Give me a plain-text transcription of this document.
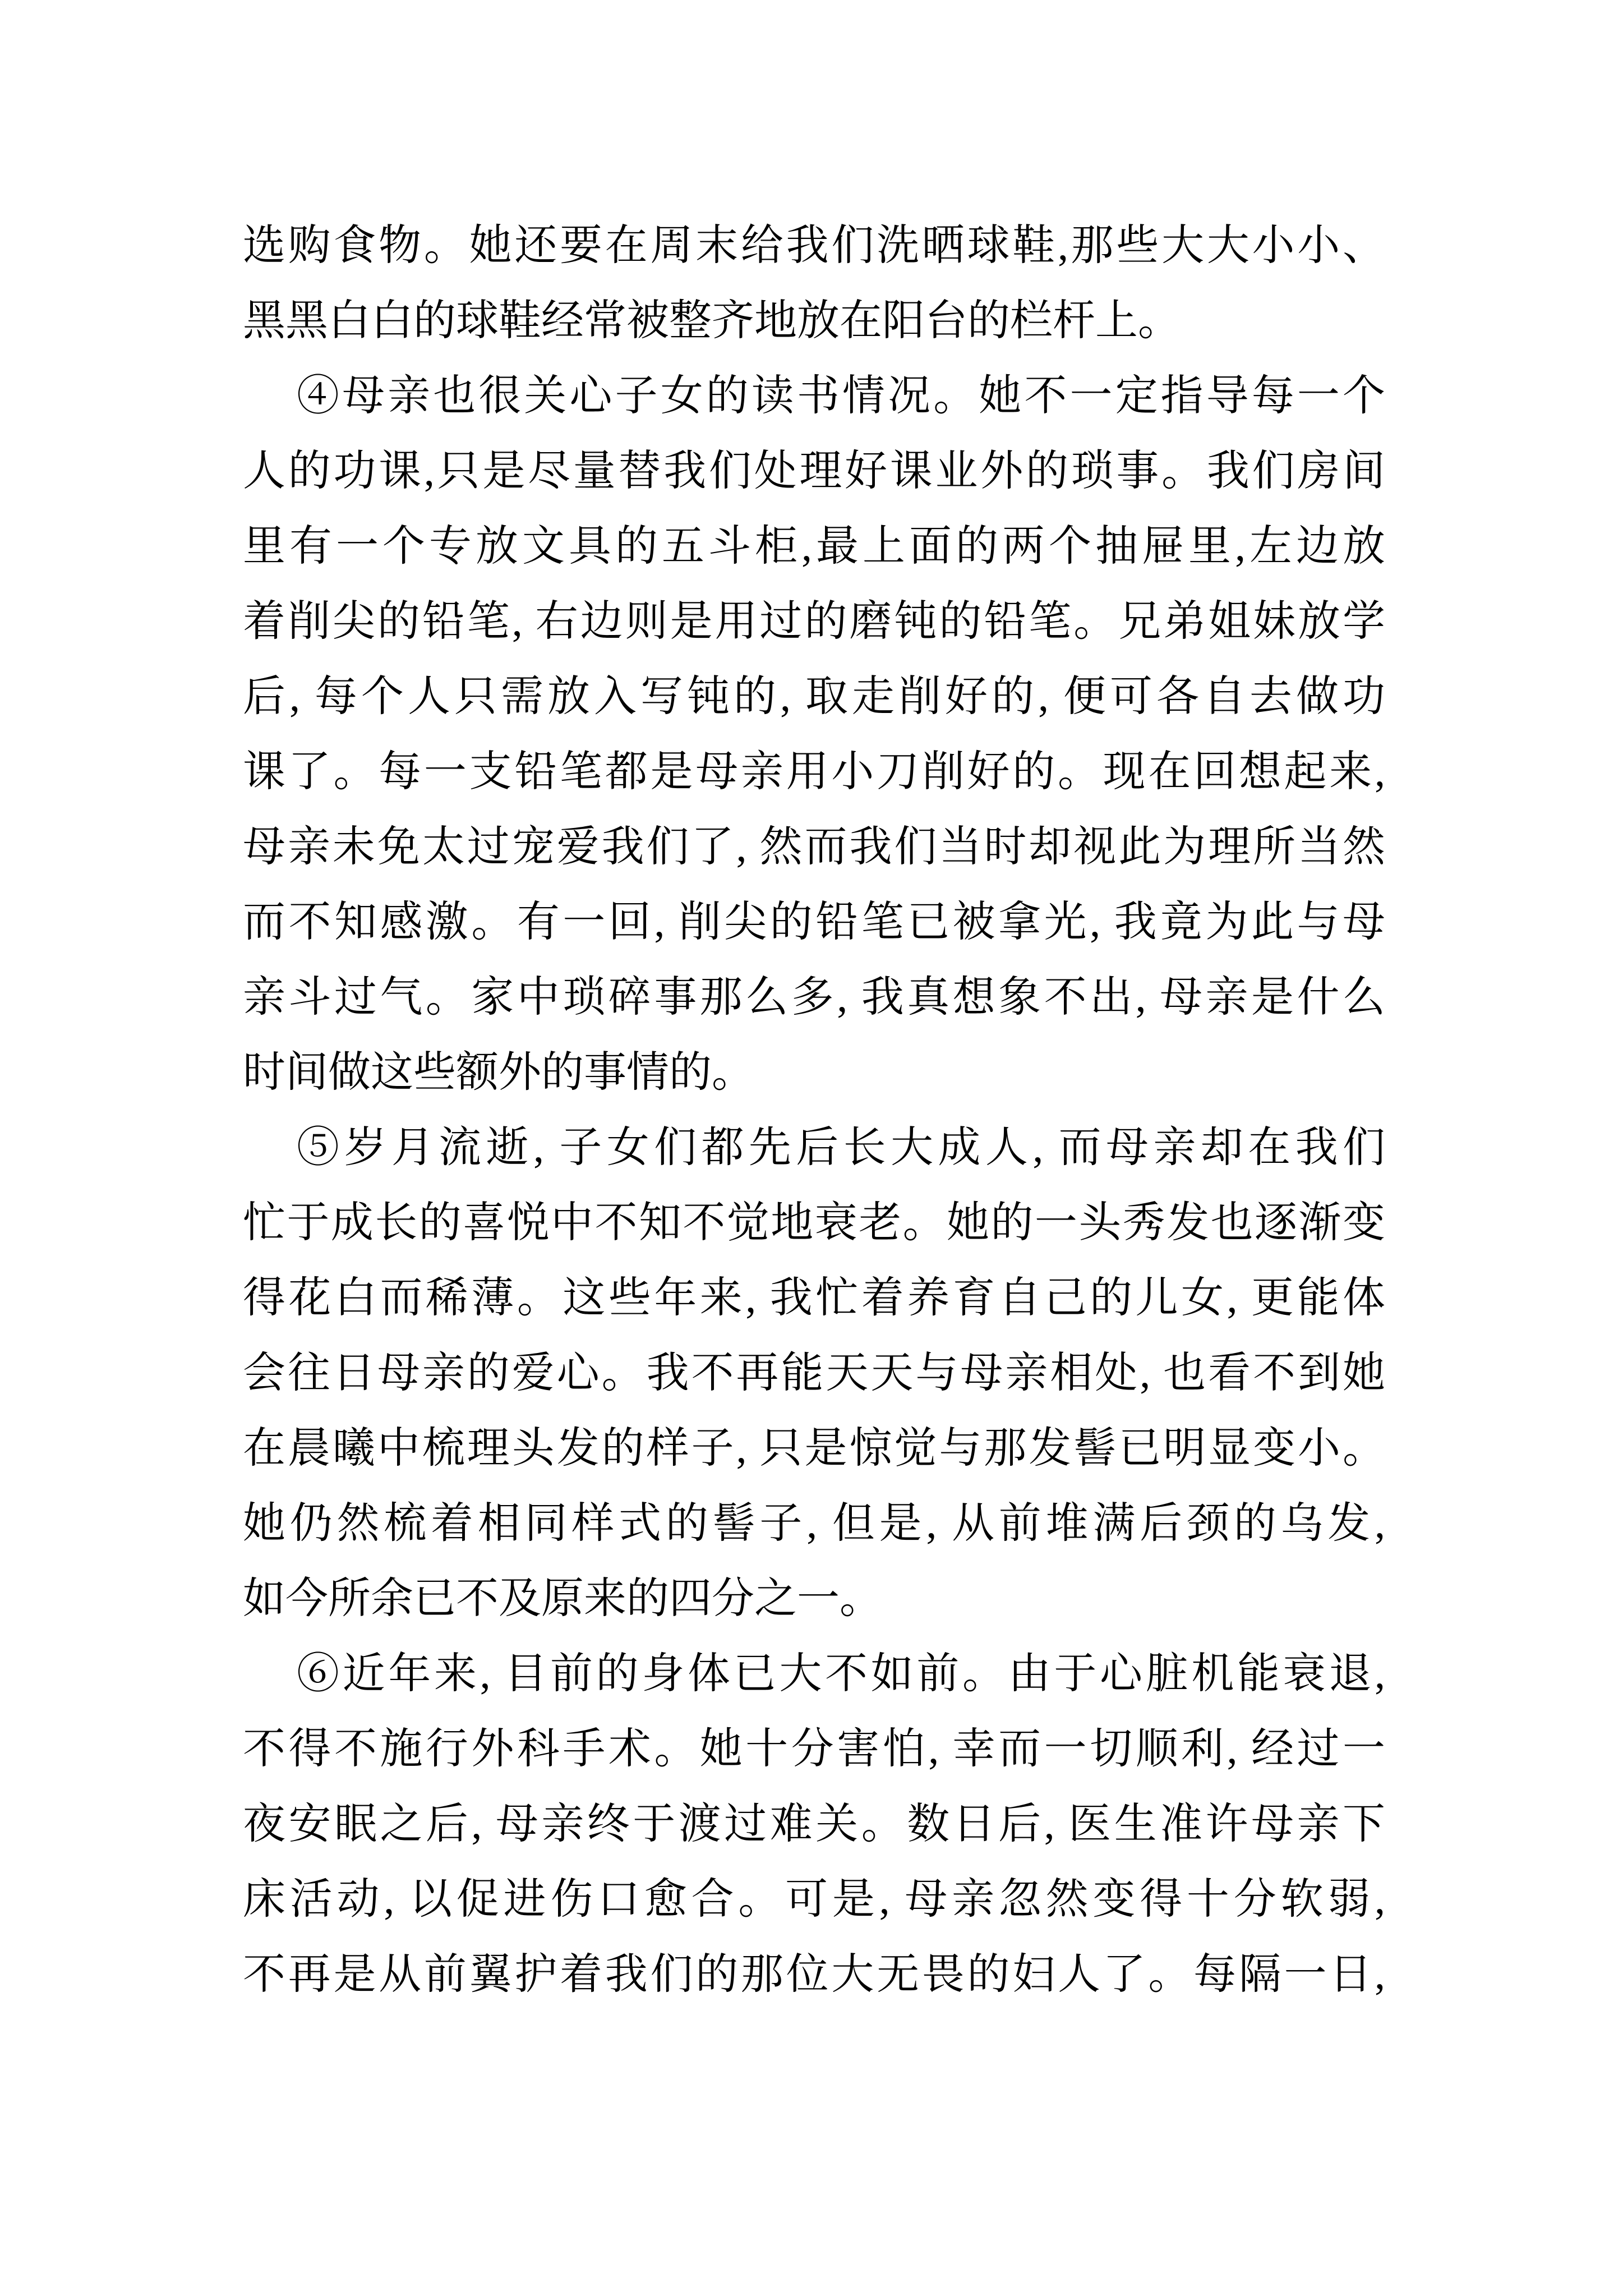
选购食物。她还要在周末给我们洗晒球鞋,那些大大小小、
黑黑白白的球鞋经常被整齐地放在阳台的栏杆上。
④母亲也很关心子女的读书情况。她不一定指导每一个
人的功课,只是尽量替我们处理好课业外的琐事。我们房间
里有一个专放文具的五斗柜,最上面的两个抽屉里,左边放
着削尖的铅笔, 右边则是用过的磨钝的铅笔。兄弟姐妹放学
后, 每个人只需放入写钝的, 取走削好的, 便可各自去做功
课了。每一支铅笔都是母亲用小刀削好的。现在回想起来,
母亲未免太过宠爱我们了, 然而我们当时却视此为理所当然
而不知感激。有一回, 削尖的铅笔已被拿光, 我竟为此与母
亲斗过气。家中琐碎事那么多, 我真想象不出, 母亲是什么
时间做这些额外的事情的。
⑤岁月流逝, 子女们都先后长大成人, 而母亲却在我们
忙于成长的喜悦中不知不觉地衰老。她的一头秀发也逐渐变
得花白而稀薄。这些年来, 我忙着养育自己的儿女, 更能体
会往日母亲的爱心。我不再能天天与母亲相处, 也看不到她
在晨曦中梳理头发的样子, 只是惊觉与那发髻已明显变小。
她仍然梳着相同样式的髻子, 但是, 从前堆满后颈的乌发,
如今所余已不及原来的四分之一。
⑥近年来, 目前的身体已大不如前。由于心脏机能衰退,
不得不施行外科手术。她十分害怕, 幸而一切顺利, 经过一
夜安眠之后, 母亲终于渡过难关。数日后, 医生准许母亲下
床活动, 以促进伤口愈合。可是, 母亲忽然变得十分软弱,
不再是从前翼护着我们的那位大无畏的妇人了。每隔一日,
